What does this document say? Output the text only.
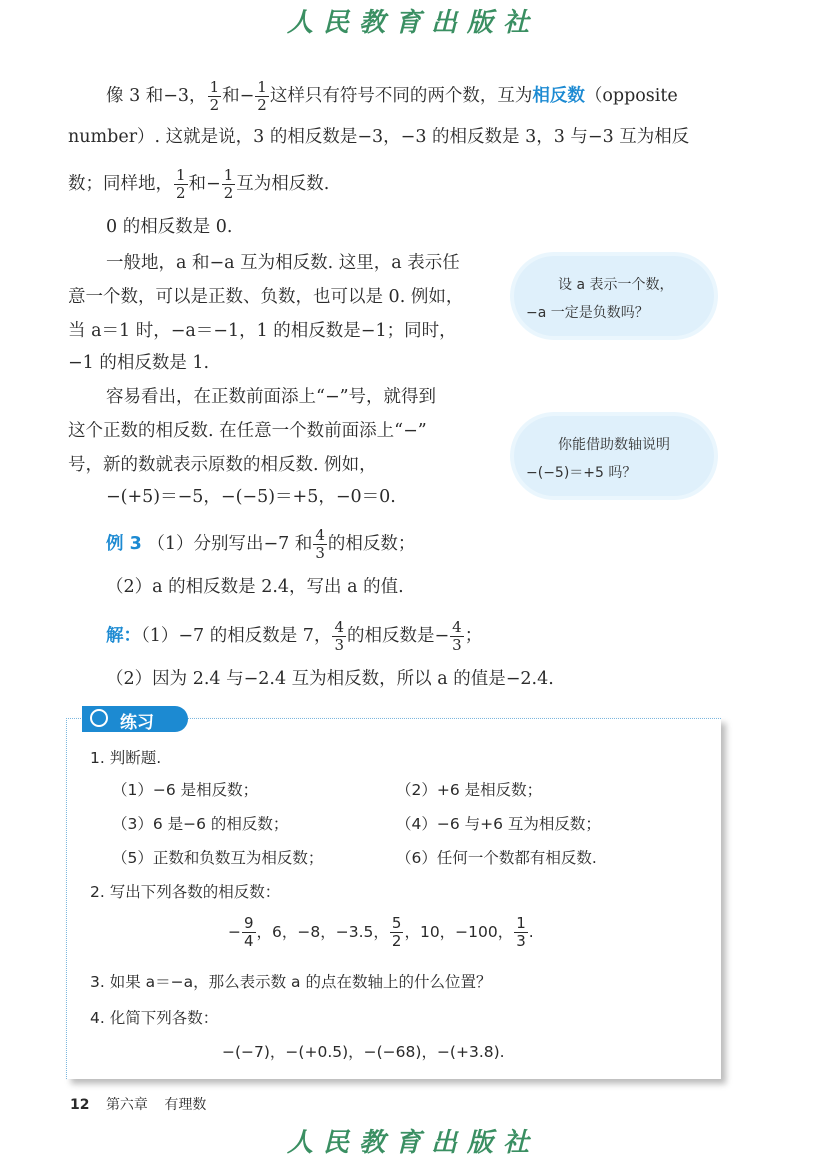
人民教育出版社
像 3 和−3， $\frac{1}{2}$ 和− $\frac{1}{2}$ 这样只有符号不同的两个数，互为相反数（opposite
number）. 这就是说，3 的相反数是−3，−3 的相反数是 3，3 与−3 互为相反
数；同样地， $\frac{1}{2}$ 和− $\frac{1}{2}$ 互为相反数.
0 的相反数是 0.
一般地，a 和−a 互为相反数. 这里，a 表示任
意一个数，可以是正数、负数，也可以是 0. 例如，
当 a＝1 时，−a＝−1，1 的相反数是−1；同时，
−1 的相反数是 1.
容易看出，在正数前面添上“−”号，就得到
这个正数的相反数. 在任意一个数前面添上“−”
号，新的数就表示原数的相反数. 例如，
−(+5)＝−5，−(−5)＝+5，−0＝0.
设 a 表示一个数，
−a 一定是负数吗？
你能借助数轴说明
−(−5)＝+5 吗？
例 3 （1）分别写出−7 和 $\frac{4}{3}$ 的相反数；
（2）a 的相反数是 2.4，写出 a 的值.
解：（1）−7 的相反数是 7， $\frac{4}{3}$ 的相反数是− $\frac{4}{3}$ ；
（2）因为 2.4 与−2.4 互为相反数，所以 a 的值是−2.4.
练习
1. 判断题.
（1）−6 是相反数；	（2）+6 是相反数；
（3）6 是−6 的相反数；	（4）−6 与+6 互为相反数；
（5）正数和负数互为相反数；	（6）任何一个数都有相反数.
2. 写出下列各数的相反数：
− $\frac{9}{4}$ ，6，−8，−3.5， $\frac{5}{2}$ ，10，−100， $\frac{1}{3}$ .
3. 如果 a＝−a，那么表示数 a 的点在数轴上的什么位置？
4. 化简下列各数：
−(−7)，−(+0.5)，−(−68)，−(+3.8).
12 第六章 有理数
人民教育出版社
